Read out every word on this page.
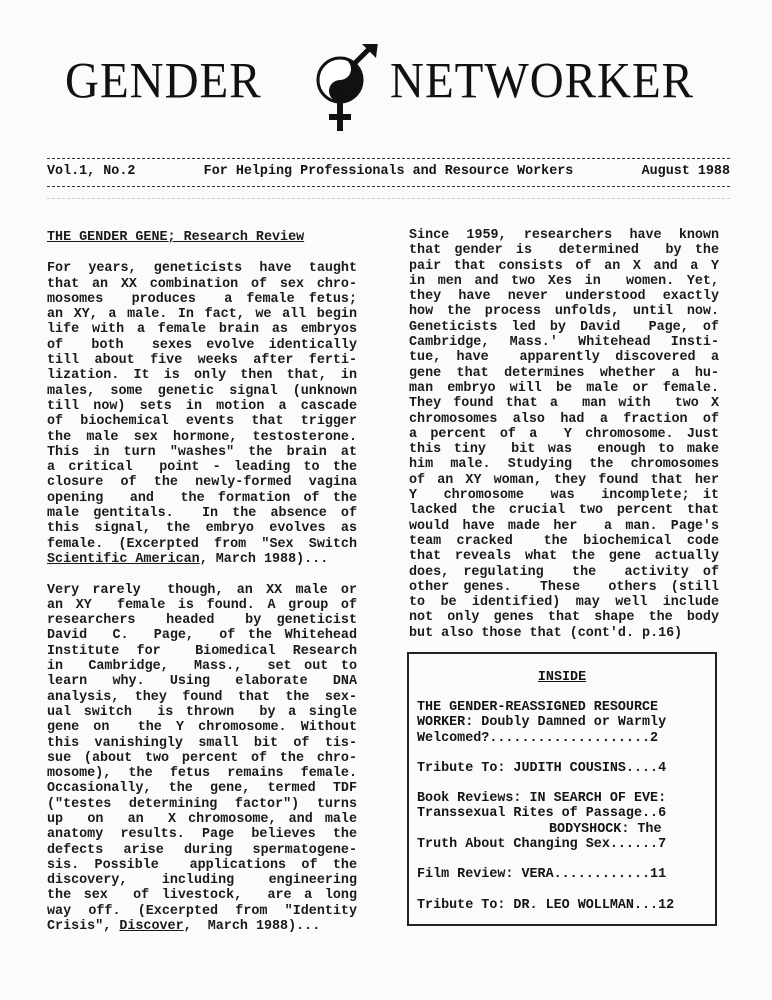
GENDER	NETWORKER
Vol.1, No.2	For Helping Professionals and Resource Workers	August 1988
THE GENDER GENE; Research Review
For years, geneticists have taught
that an XX combination of sex chro-
mosomes  produces  a female fetus;
an XY, a male. In fact, we all begin
life with a female brain as embryos
of  both  sexes evolve identically
till about five weeks after ferti-
lization. It is only then that, in
males, some genetic signal (unknown
till now) sets in motion a cascade
of biochemical events that trigger
the male sex hormone, testosterone.
This in turn "washes" the brain at
a critical  point - leading to the
closure of the newly-formed vagina
opening  and  the formation of the
male gentitals.  In the absence of
this signal, the embryo evolves as
female. (Excerpted from "Sex Switch
Scientific American, March 1988)...
Very rarely  though, an XX male or
an XY  female is found. A group of
researchers  headed  by geneticist
David  C.  Page,  of the Whitehead
Institute for  Biomedical Research
in  Cambridge,  Mass.,  set out to
learn  why.  Using  elaborate  DNA
analysis, they found that the sex-
ual switch  is thrown  by a single
gene on  the Y chromosome. Without
this vanishingly small bit of tis-
sue (about two percent of the chro-
mosome), the fetus remains female.
Occasionally, the gene, termed TDF
("testes determining factor") turns
up  on  an  X chromosome, and male
anatomy results. Page believes the
defects arise during spermatogene-
sis. Possible  applications of the
discovery,  including  engineering
the sex  of livestock,  are a long
way off. (Excerpted from "Identity
Crisis", Discover,  March 1988)...
Since 1959, researchers have known
that gender is  determined  by the
pair that consists of an X and a Y
in men and two Xes in  women. Yet,
they have never understood exactly
how the process unfolds, until now.
Geneticists led by David  Page, of
Cambridge, Mass.' Whitehead Insti-
tue, have  apparently discovered a
gene that determines whether a hu-
man embryo will be male or female.
They found that a  man with  two X
chromosomes also had a fraction of
a percent of a  Y chromosome. Just
this tiny  bit was  enough to make
him male. Studying the chromosomes
of an XY woman, they found that her
Y  chromosome  was  incomplete; it
lacked the crucial two percent that
would have made her  a man. Page's
team cracked  the biochemical code
that reveals what the gene actually
does, regulating  the  activity of
other genes.  These  others (still
to be identified) may well include
not only genes that shape the body
but also those that (cont'd. p.16)
INSIDE
THE GENDER-REASSIGNED RESOURCE
WORKER: Doubly Damned or Warmly
Welcomed?....................2
Tribute To: JUDITH COUSINS....4
Book Reviews: IN SEARCH OF EVE:
Transsexual Rites of Passage..6
BODYSHOCK: The
Truth About Changing Sex......7
Film Review: VERA............11
Tribute To: DR. LEO WOLLMAN...12
